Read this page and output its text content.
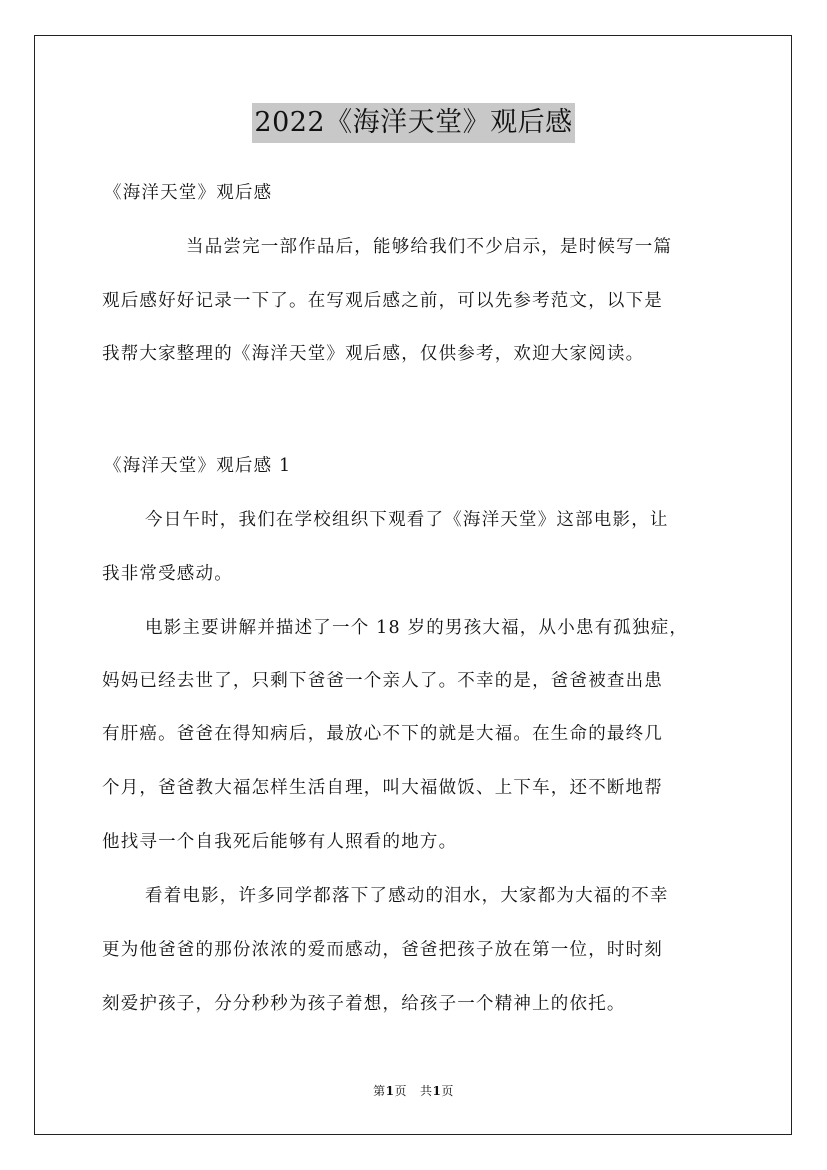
2022《海洋天堂》观后感
《海洋天堂》观后感
当品尝完一部作品后，能够给我们不少启示，是时候写一篇
观后感好好记录一下了。在写观后感之前，可以先参考范文，以下是
我帮大家整理的《海洋天堂》观后感，仅供参考，欢迎大家阅读。
《海洋天堂》观后感 1
今日午时，我们在学校组织下观看了《海洋天堂》这部电影，让
我非常受感动。
电影主要讲解并描述了一个 18 岁的男孩大福，从小患有孤独症，
妈妈已经去世了，只剩下爸爸一个亲人了。不幸的是，爸爸被查出患
有肝癌。爸爸在得知病后，最放心不下的就是大福。在生命的最终几
个月，爸爸教大福怎样生活自理，叫大福做饭、上下车，还不断地帮
他找寻一个自我死后能够有人照看的地方。
看着电影，许多同学都落下了感动的泪水，大家都为大福的不幸
更为他爸爸的那份浓浓的爱而感动，爸爸把孩子放在第一位，时时刻
刻爱护孩子，分分秒秒为孩子着想，给孩子一个精神上的依托。
第1页 共1页
